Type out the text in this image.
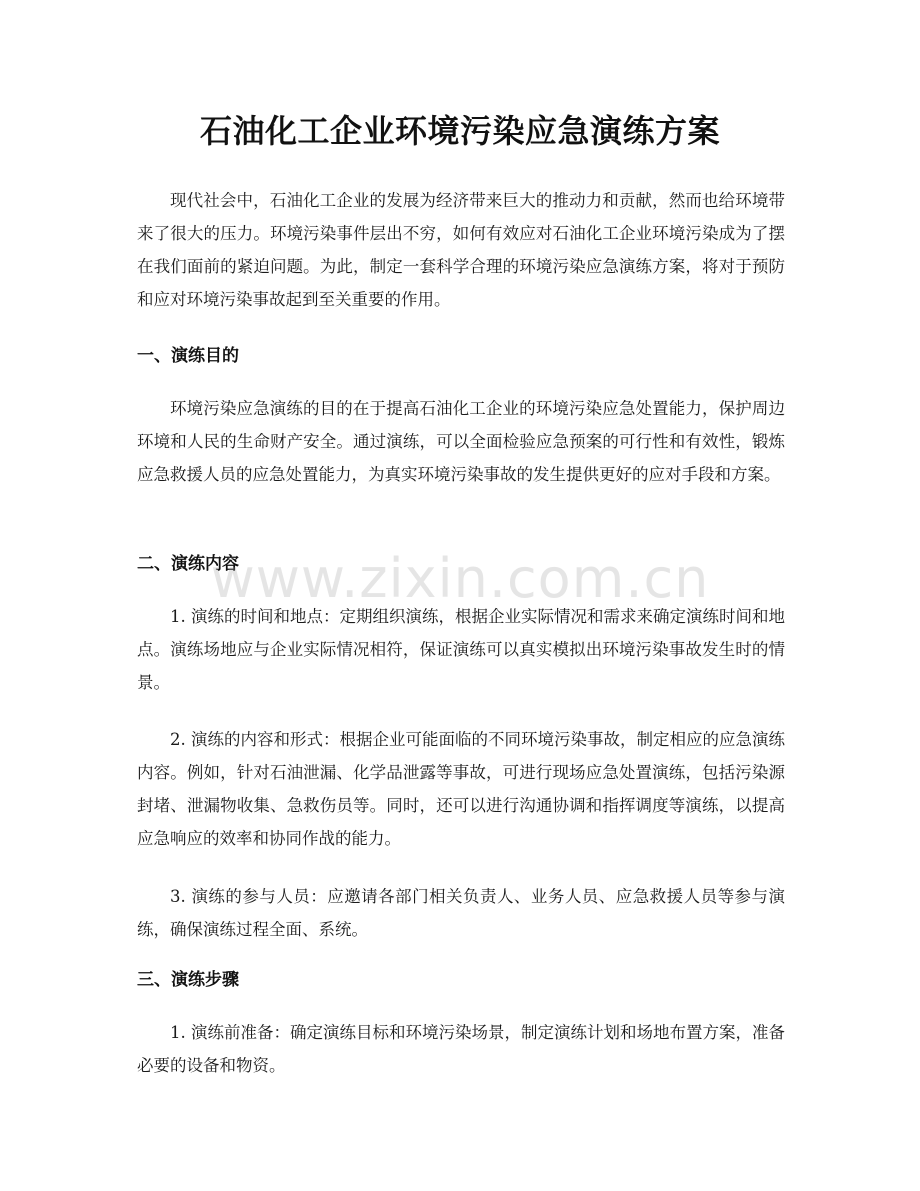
石油化工企业环境污染应急演练方案

现代社会中，石油化工企业的发展为经济带来巨大的推动力和贡献，然而也给环境带来了很大的压力。环境污染事件层出不穷，如何有效应对石油化工企业环境污染成为了摆在我们面前的紧迫问题。为此，制定一套科学合理的环境污染应急演练方案，将对于预防和应对环境污染事故起到至关重要的作用。

一、演练目的

环境污染应急演练的目的在于提高石油化工企业的环境污染应急处置能力，保护周边环境和人民的生命财产安全。通过演练，可以全面检验应急预案的可行性和有效性，锻炼应急救援人员的应急处置能力，为真实环境污染事故的发生提供更好的应对手段和方案。

二、演练内容

1. 演练的时间和地点：定期组织演练，根据企业实际情况和需求来确定演练时间和地点。演练场地应与企业实际情况相符，保证演练可以真实模拟出环境污染事故发生时的情景。

2. 演练的内容和形式：根据企业可能面临的不同环境污染事故，制定相应的应急演练内容。例如，针对石油泄漏、化学品泄露等事故，可进行现场应急处置演练，包括污染源封堵、泄漏物收集、急救伤员等。同时，还可以进行沟通协调和指挥调度等演练，以提高应急响应的效率和协同作战的能力。

3. 演练的参与人员：应邀请各部门相关负责人、业务人员、应急救援人员等参与演练，确保演练过程全面、系统。

三、演练步骤

1. 演练前准备：确定演练目标和环境污染场景，制定演练计划和场地布置方案，准备必要的设备和物资。

www.zixin.com.cn
